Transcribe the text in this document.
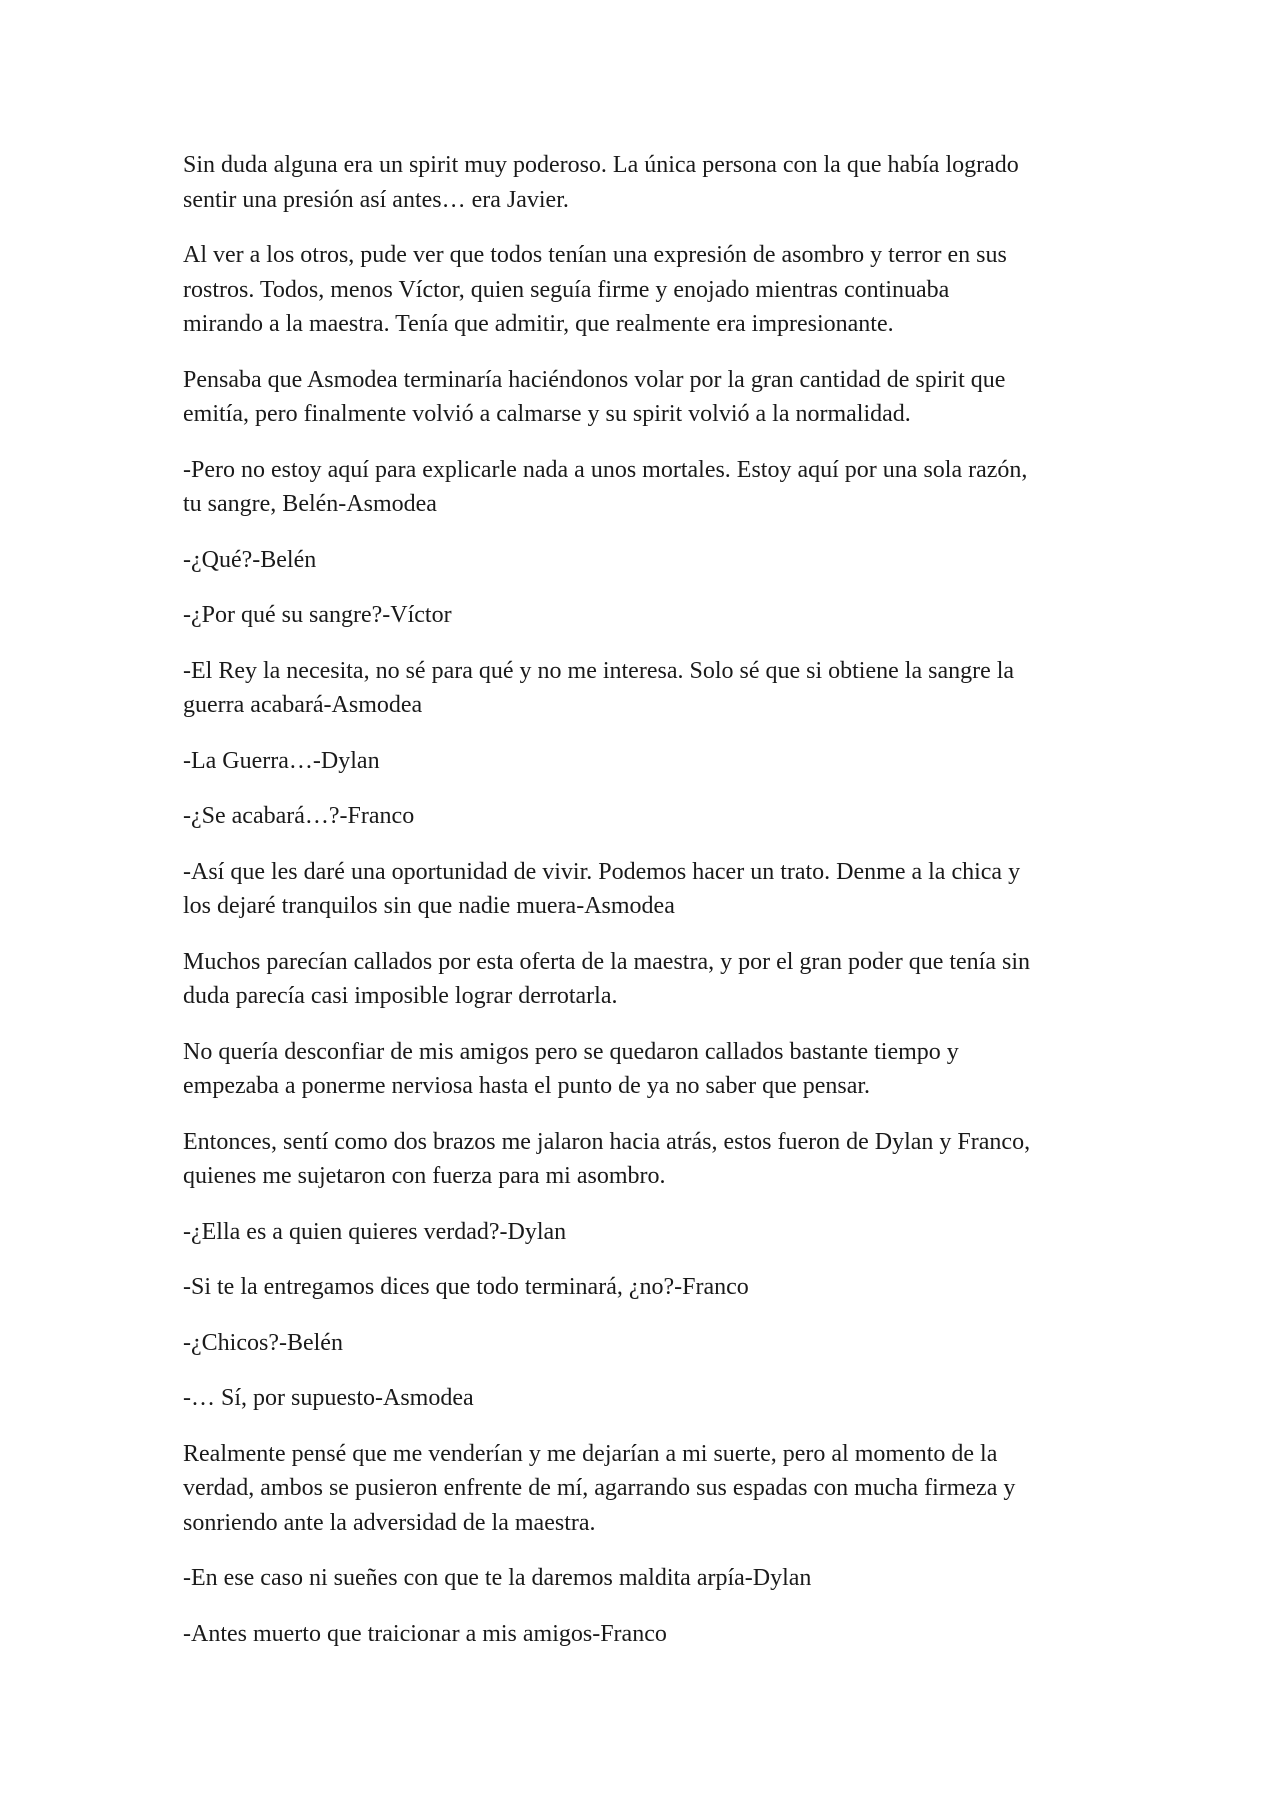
Sin duda alguna era un spirit muy poderoso. La única persona con la que había logrado
sentir una presión así antes… era Javier.

Al ver a los otros, pude ver que todos tenían una expresión de asombro y terror en sus
rostros. Todos, menos Víctor, quien seguía firme y enojado mientras continuaba
mirando a la maestra. Tenía que admitir, que realmente era impresionante.

Pensaba que Asmodea terminaría haciéndonos volar por la gran cantidad de spirit que
emitía, pero finalmente volvió a calmarse y su spirit volvió a la normalidad.

-Pero no estoy aquí para explicarle nada a unos mortales. Estoy aquí por una sola razón,
tu sangre, Belén-Asmodea

-¿Qué?-Belén

-¿Por qué su sangre?-Víctor

-El Rey la necesita, no sé para qué y no me interesa. Solo sé que si obtiene la sangre la
guerra acabará-Asmodea

-La Guerra…-Dylan

-¿Se acabará…?-Franco

-Así que les daré una oportunidad de vivir. Podemos hacer un trato. Denme a la chica y
los dejaré tranquilos sin que nadie muera-Asmodea

Muchos parecían callados por esta oferta de la maestra, y por el gran poder que tenía sin
duda parecía casi imposible lograr derrotarla.

No quería desconfiar de mis amigos pero se quedaron callados bastante tiempo y
empezaba a ponerme nerviosa hasta el punto de ya no saber que pensar.

Entonces, sentí como dos brazos me jalaron hacia atrás, estos fueron de Dylan y Franco,
quienes me sujetaron con fuerza para mi asombro.

-¿Ella es a quien quieres verdad?-Dylan

-Si te la entregamos dices que todo terminará, ¿no?-Franco

-¿Chicos?-Belén

-… Sí, por supuesto-Asmodea

Realmente pensé que me venderían y me dejarían a mi suerte, pero al momento de la
verdad, ambos se pusieron enfrente de mí, agarrando sus espadas con mucha firmeza y
sonriendo ante la adversidad de la maestra.

-En ese caso ni sueñes con que te la daremos maldita arpía-Dylan

-Antes muerto que traicionar a mis amigos-Franco
